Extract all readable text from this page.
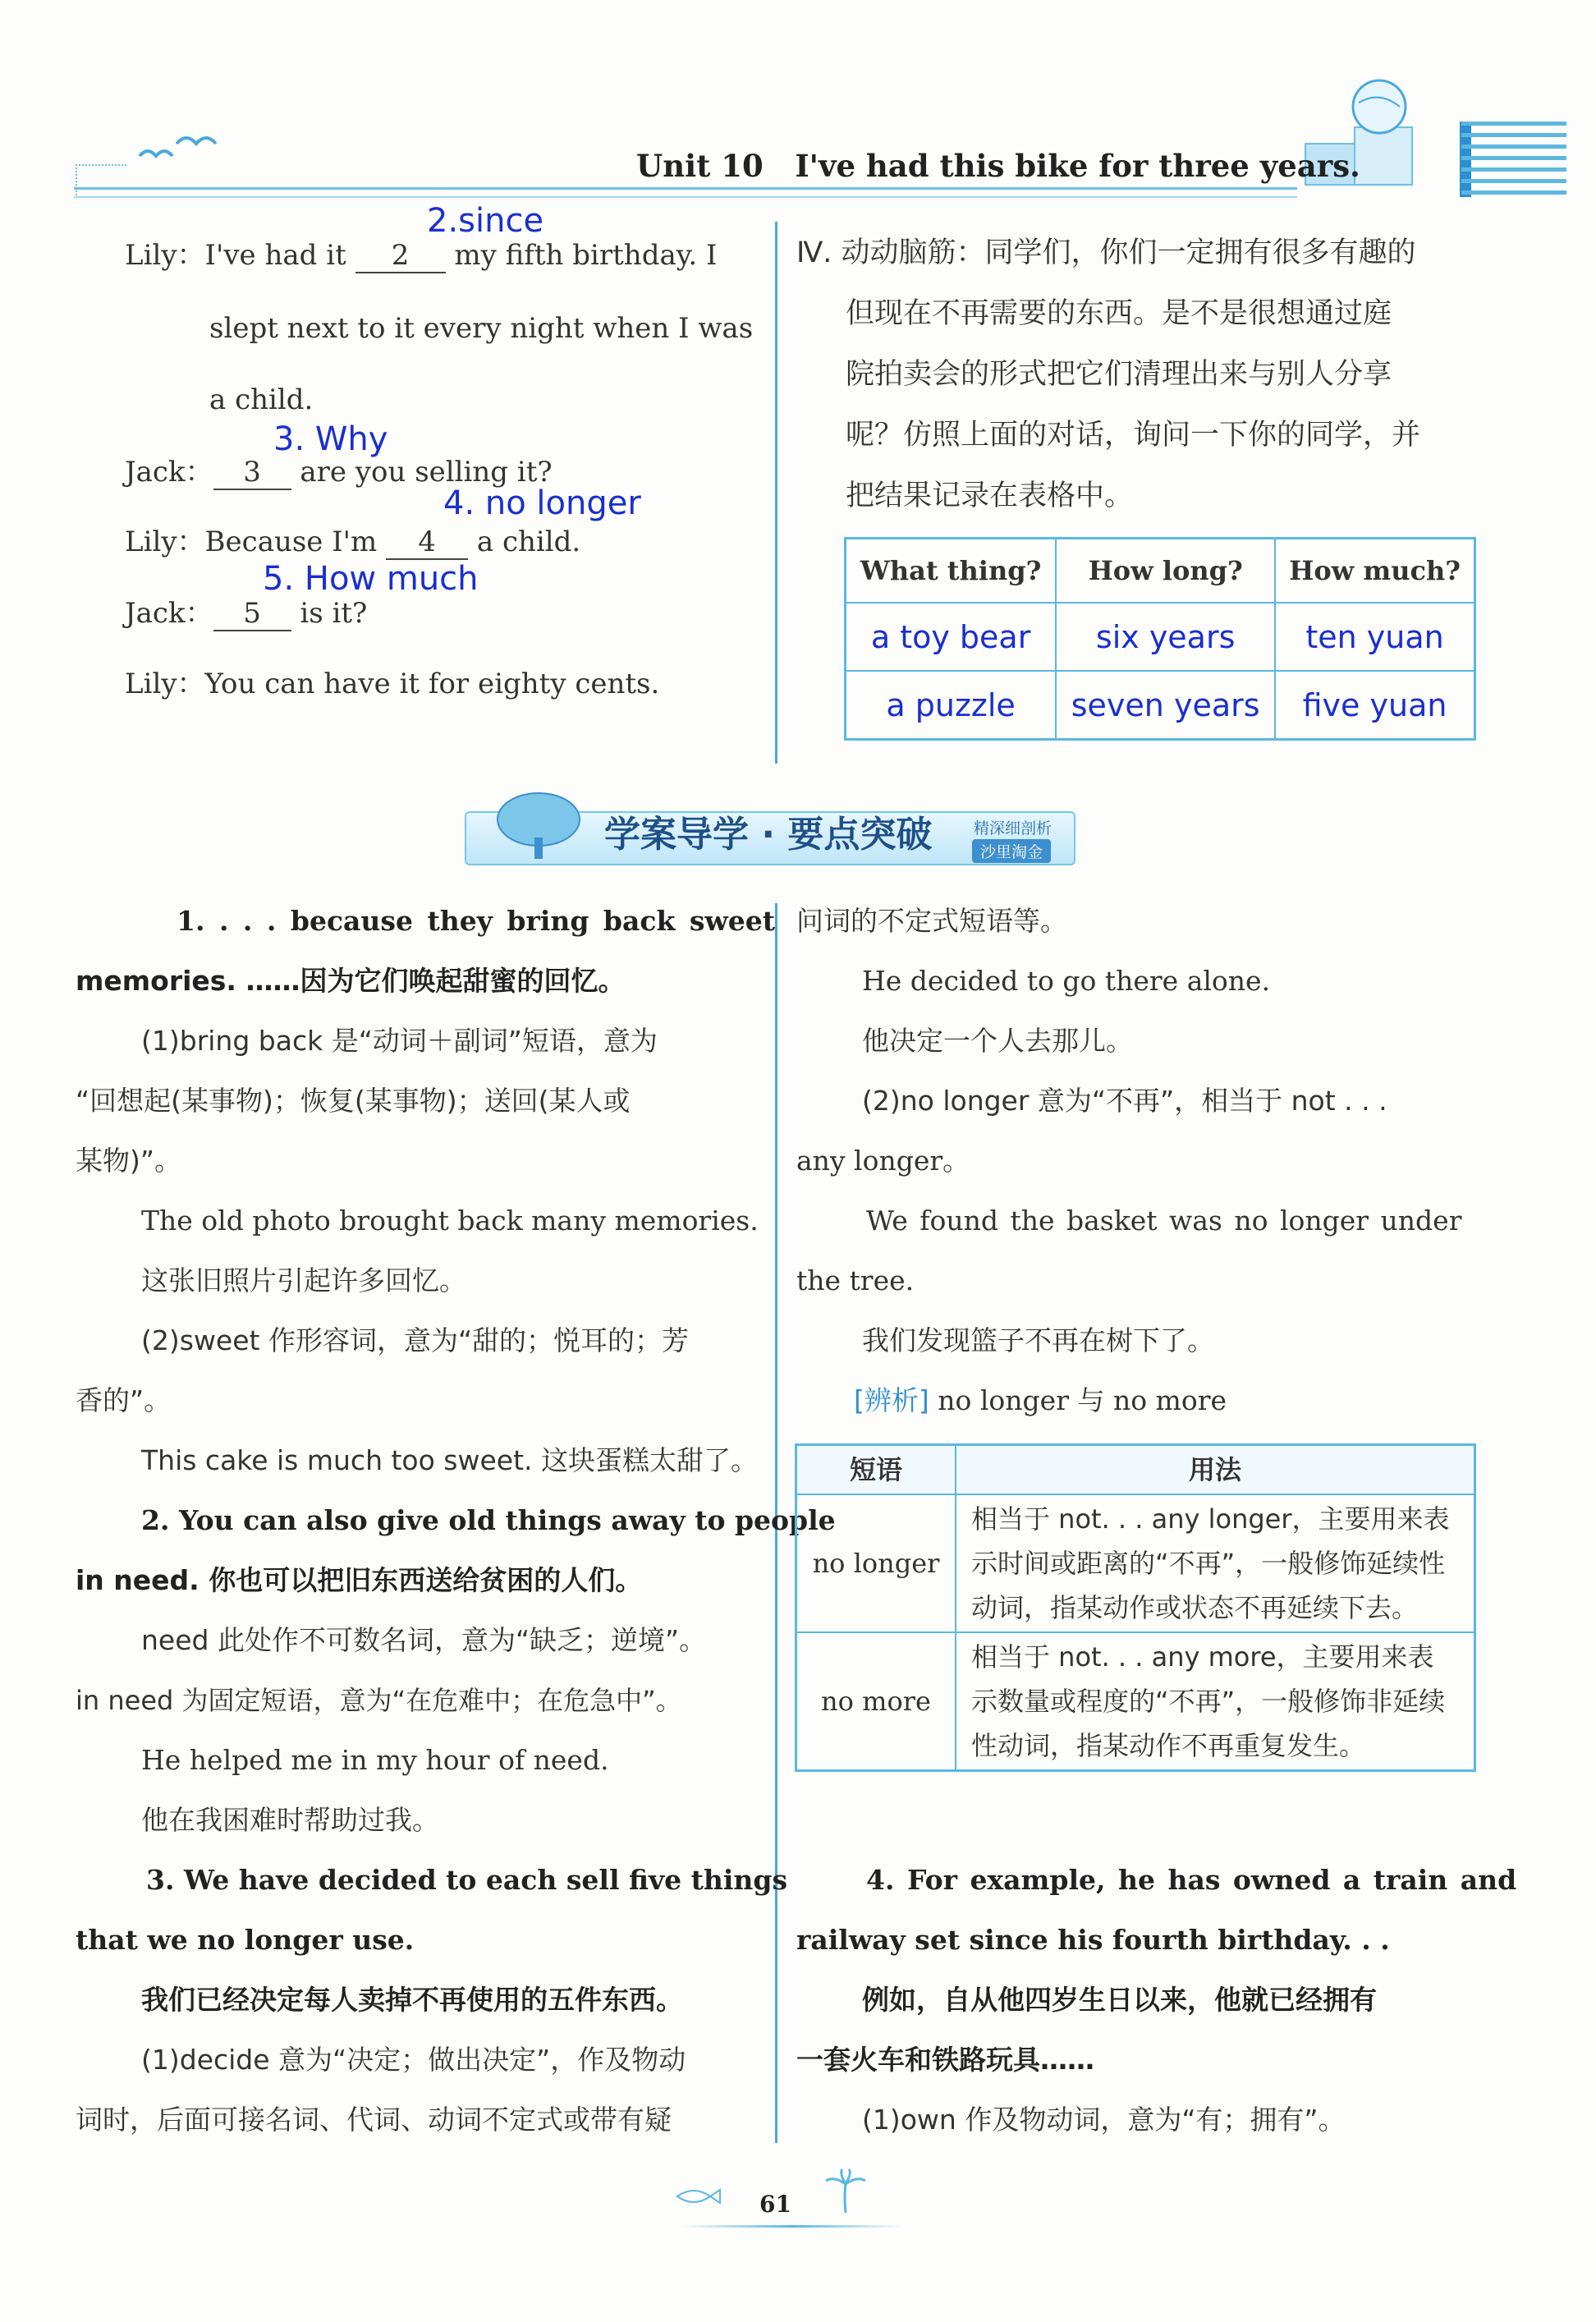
Unit 10 I've had this bike for three years.
Lily：I've had it 2 my fifth birthday. I
slept next to it every night when I was
a child.
Jack： 3 are you selling it?
Lily：Because I'm 4 a child.
Jack： 5 is it?
Lily：You can have it for eighty cents.
2.since
3. Why
4. no longer
5. How much
Ⅳ. 动动脑筋：同学们，你们一定拥有很多有趣的
但现在不再需要的东西。是不是很想通过庭
院拍卖会的形式把它们清理出来与别人分享
呢？仿照上面的对话，询问一下你的同学，并
把结果记录在表格中。
What thing?	How long?	How much?
a toy bear	six years	ten yuan
a puzzle	seven years	five yuan
学案导学 · 要点突破	精深细剖析
沙里淘金
1. . . . because they bring back sweet
memories. ……因为它们唤起甜蜜的回忆。
(1)bring back 是“动词＋副词”短语，意为
“回想起(某事物)；恢复(某事物)；送回(某人或
某物)”。
The old photo brought back many memories.
这张旧照片引起许多回忆。
(2)sweet 作形容词，意为“甜的；悦耳的；芳
香的”。
This cake is much too sweet. 这块蛋糕太甜了。
2. You can also give old things away to people
in need. 你也可以把旧东西送给贫困的人们。
need 此处作不可数名词，意为“缺乏；逆境”。
in need 为固定短语，意为“在危难中；在危急中”。
He helped me in my hour of need.
他在我困难时帮助过我。
3. We have decided to each sell five things
that we no longer use.
我们已经决定每人卖掉不再使用的五件东西。
(1)decide 意为“决定；做出决定”，作及物动
词时，后面可接名词、代词、动词不定式或带有疑
问词的不定式短语等。
He decided to go there alone.
他决定一个人去那儿。
(2)no longer 意为“不再”，相当于 not . . .
any longer。
We found the basket was no longer under
the tree.
我们发现篮子不再在树下了。
[辨析] no longer 与 no more
短语	用法
no longer	相当于 not. . . any longer，主要用来表示时间或距离的“不再”，一般修饰延续性动词，指某动作或状态不再延续下去。
no more	相当于 not. . . any more，主要用来表示数量或程度的“不再”，一般修饰非延续性动词，指某动作不再重复发生。
4. For example, he has owned a train and
railway set since his fourth birthday. . .
例如，自从他四岁生日以来，他就已经拥有
一套火车和铁路玩具……
(1)own 作及物动词，意为“有；拥有”。
61
